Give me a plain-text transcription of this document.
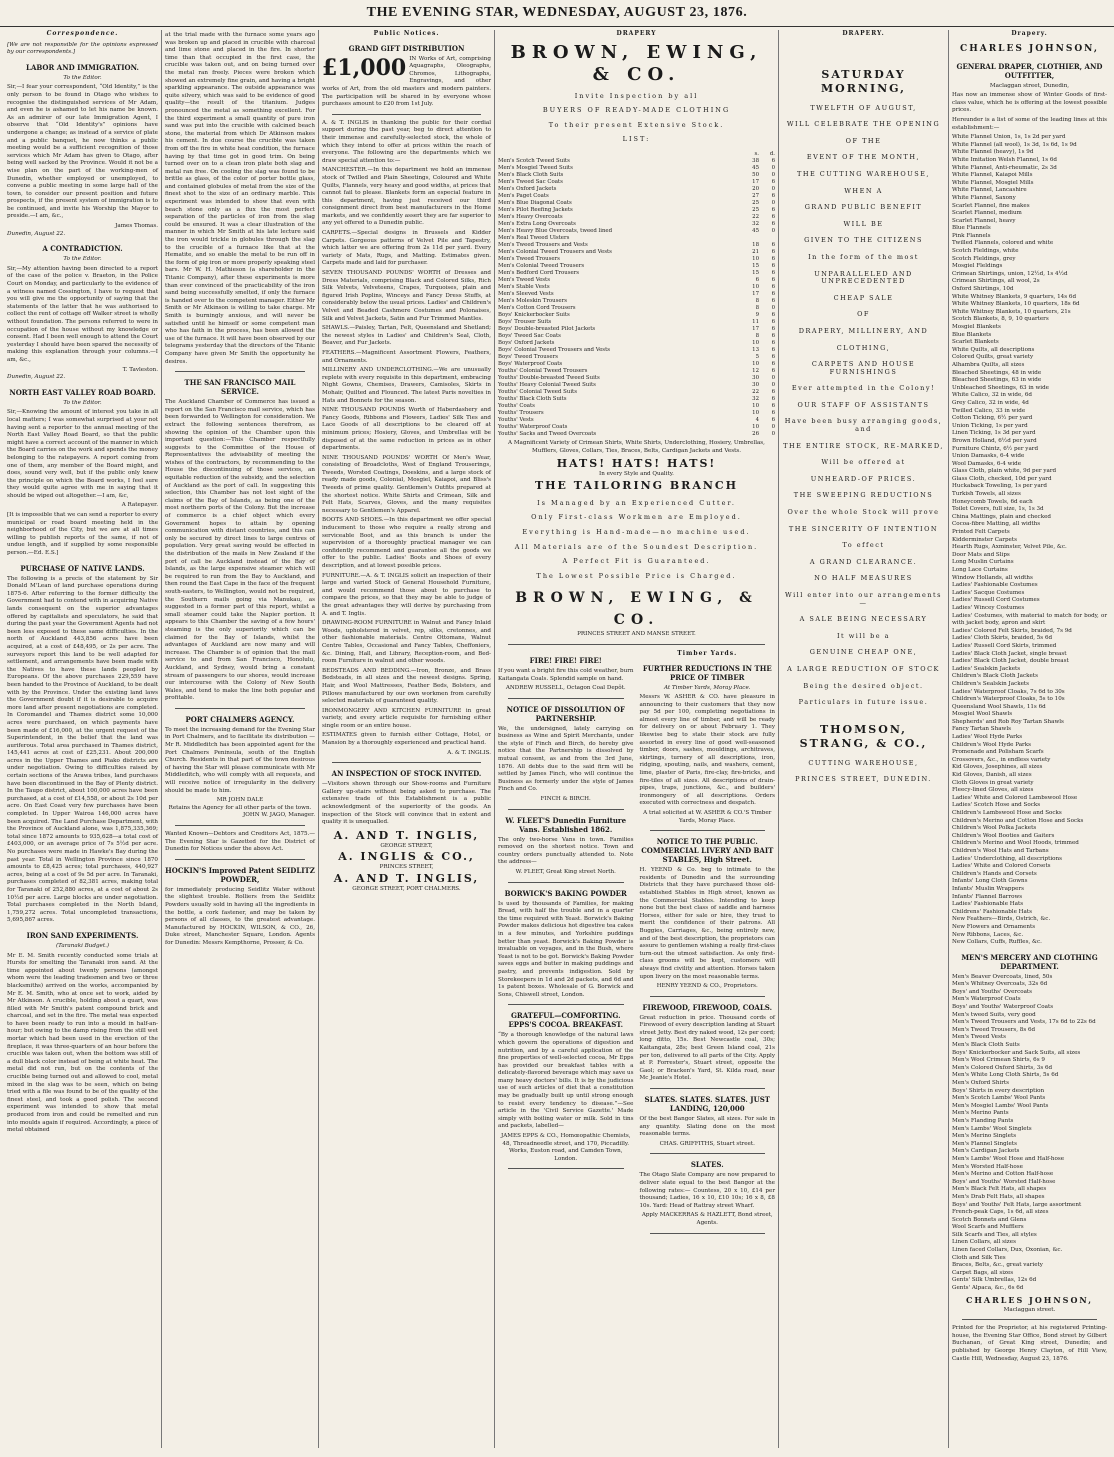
THE EVENING STAR, WEDNESDAY, AUGUST 23, 1876.
Correspondence.

[We are not responsible for the opinions expressed by our correspondents.]

LABOR AND IMMIGRATION.
To the Editor.

Sir,—I fear your correspondent, “Old Identity,” is the only person to be found in Otago who wishes to recognise the distinguished services of Mr Adam, and even he is ashamed to let his name be known. As an admirer of our late Immigration Agent, I observe that “Old Identity's” opinions have undergone a change; as instead of a service of plate and a public banquet, he now thinks a public meeting would be a sufficient recognition of those services which Mr Adam has given to Otago, after being well sacked by the Province. Would it not be a wise plan on the part of the working-men of Dunedin, whether employed or unemployed, to convene a public meeting in some large hall of the town, to consider our present position and future prospects, if the present system of immigration is to be continued, and invite his Worship the Mayor to preside.—I am, &c.,

James Thomas.
Dunedin, August 22.
A CONTRADICTION.
To the Editor.

Sir,—My attention having been directed to a report of the case of the police v. Braeton, in the Police Court on Monday, and particularly to the evidence of a witness named Cossington, I have to request that you will give me the opportunity of saying that the statements of the latter that he was authorised to collect the rent of cottage off Walker street is wholly without foundation. The persons referred to were in occupation of the house without my knowledge or consent. Had I been well enough to attend the Court yesterday I should have been spared the necessity of making this explanation through your columns.—I am, &c.,

T. Tavleston.
Dunedin, August 22.
NORTH EAST VALLEY ROAD BOARD.
To the Editor.

Sir,—Knowing the amount of interest you take in all local matters; I was somewhat surprised at your not having sent a reporter to the annual meeting of the North East Valley Road Board, so that the public might have a correct account of the manner in which the Board carries on the work and spends the money belonging to the ratepayers. A report coming from one of them, any member of the Board might, and does, sound very well, but if the public only knew the principle on which the Board works, I feel sure they would quite agree with me in saying that it should be wiped out altogether.—I am, &c,

A Ratepayer.

[It is impossible that we can send a reporter to every municipal or road board meeting held in the neighborhood of the City, but we are at all times willing to publish reports of the same, if not of undue length, and if supplied by some responsible person.—Ed. E.S.]

PURCHASE OF NATIVE LANDS.

The following is a precis of the statement by Sir Donald M'Lean of land purchase operations during 1875-6. After referring to the former difficulty the Government had to contend with in acquiring Native lands consequent on the superior advantages offered by capitalists and speculators, he said that during the past year the Government Agents had not been less exposed to these same difficulties. In the north of Auckland 443,856 acres have been acquired, at a cost of £48,495, or 2s per acre. The surveyors report this land to be well adapted for settlement, and arrangements have been made with the Natives to have these lands peopled by Europeans. Of the above purchases 229,559 have been handed to the Province of Auckland, to be dealt with by the Province. Under the existing land laws the Government doubt if it is desirable to acquire more land after present negotiations are completed. In Coromandel and Thames district some 10,000 acres were purchased, on which payments have been made of £16,000, at the urgent request of the Superintendent, in the belief that the land was auriferous. Total area purchased in Thames district, 145,441 acres at cost of £25,231. About 200,000 acres in the Upper Thames and Piako districts are under negotiation. Owing to difficulties raised by certain sections of the Arawa tribes, land purchases have been discontinued in the Bay of Plenty district. In the Taupo district, about 100,000 acres have been purchased, at a cost of £14,558, or about 2s 10d per acre. On East Coast very few purchases have been completed. In Upper Wairoa 146,000 acres have been acquired. The Land Purchase Department, with the Province of Auckland alone, was 1,875,335,369; total since 1872 amounts to 935,628—a total cost of £403,000, or an average price of 7s 5½d per acre. No purchases were made in Hawke's Bay during the past year. Total in Wellington Province since 1870 amounts to £8,425 acres; total purchases, 440,927 acres, being at a cost of 9s 5d per acre. In Taranaki, purchases completed of 82,381 acres, making total for Taranaki of 252,880 acres, at a cost of about 2s 10½d per acre. Large blocks are under negotiation. Total purchases completed in the North Island, 1,759,272 acres. Total uncompleted transactions, 5,695,867 acres.

IRON SAND EXPERIMENTS.
(Taranaki Budget.)

Mr E. M. Smith recently conducted some trials at Hursts for smelting the Taranaki iron sand. At the time appointed about twenty persons (amongst whom were the leading tradesmen and two or three blacksmiths) arrived on the works, accompanied by Mr E. M. Smith, who at once set to work, aided by Mr Atkinson. A crucible, holding about a quart, was filled with Mr Smith's patent compound brick and charcoal, and set in the fire. The metal was expected to have been ready to run into a mould in half-an-hour; but owing to the damp rising from the still wet mortar which had been used in the erection of the fireplace, it was three-quarters of an hour before the crucible was taken out, when the bottom was still of a dull black color instead of being at white heat. The metal did not run, but on the contents of the crucible being turned out and allowed to cool, metal mixed in the slag was to be seen, which on being tried with a file was found to be of the quality of the finest steel, and took a good polish. The second experiment was intended to show that metal produced from iron and could be remelted and run into moulds again if required. Accordingly, a piece of metal obtained

at the trial made with the furnace some years ago was broken up and placed in crucible with charcoal and lime stone and placed in the fire. In shorter time than that occupied in the first case, the crucible was taken out, and on being turned over the metal ran freely. Pieces were broken which showed an extremely fine grain, and having a bright sparkling appearance. The outside appearance was quite silvery, which was said to be evidence of good quality—the result of the titanium. Judges pronounced the metal as something excellent. For the third experiment a small quantity of pure iron sand was put into the crucible with calcined beach stone, the material from which Dr Atkinson makes his cement. In due course the crucible was taken from off the fire in white heat condition, the furnace having by that time got in good trim. On being turned over on to a clean iron plate both slag and metal ran free. On cooling the slag was found to be brittle as glass, of the color of porter bottle glass, and contained globules of metal from the size of the finest shot to the size of an ordinary marble. This experiment was intended to show that even with beach stone only as a flux the most perfect separation of the particles of iron from the slag could be ensured. It was a clear illustration of the manner in which Mr Smith at his late lecture said the iron would trickle in globules through the slag to the crucible of a furnace like that at the Hematite, and so enable the metal to be run off in the form of pig iron or more properly speaking steel bars. Mr W. H. Mathieson (a shareholder in the Titanic Company), after these experiments is more than ever convinced of the practicability of the iron sand being successfully smelted, if only the furnace is handed over to the competent manager. Either Mr Smith or Mr Atkinson is willing to take charge. Mr Smith is burningly anxious, and will never be satisfied until he himself or some competent man who has faith in the process, has been allowed the use of the furnace. It will have been observed by our telegrams yesterday that the directors of the Titanic Company have given Mr Smith the opportunity he desires.

THE SAN FRANCISCO MAIL SERVICE.

The Auckland Chamber of Commerce has issued a report on the San Francisco mail service, which has been forwarded to Wellington for consideration. We extract the following sentences therefrom, as showing the opinion of the Chamber upon this important question:—This Chamber respectfully suggests to the Committee of the House of Representatives the advisability of meeting the wishes of the contractors, by recommending to the House the discontinuing of those services, an equitable reduction of the subsidy, and the selection of Auckland as the port of call. In suggesting this selection, this Chamber has not lost sight of the claims of the Bay of Islands, as being one of the most northern ports of the Colony. But the increase of commerce is a chief object which every Government hopes to attain by opening communication with distant countries, and this can only be secured by direct lines to large centres of population. Very great saving would be effected in the distribution of the mails in New Zealand if the port of call be Auckland instead of the Bay of Islands, as the large expensive steamer which will be required to run from the Bay to Auckland, and then round the East Cape in the face of the frequent south-easters, to Wellington, would not be required, the Southern mails going via Manukau, as suggested in a former part of this report, whilst a small steamer could take the Napier portion. It appears to this Chamber the saving of a few hours' steaming is the only superiority which can be claimed for the Bay of Islands, whilst the advantages of Auckland are now many and will increase. The Chamber is of opinion that the mail service to and from San Francisco, Honolulu, Auckland, and Sydney, would bring a constant stream of passengers to our shores, would increase our intercourse with the Colony of New South Wales, and tend to make the line both popular and profitable.

PORT CHALMERS AGENCY.

To meet the increasing demand for the Evening Star in Port Chalmers, and to facilitate its distribution — Mr R. Middleditch has been appointed agent for the Port Chalmers Peninsula, south of the English Church. Residents in that part of the town desirous of having the Star will please communicate with Mr Middleditch, who will comply with all requests, and will receive notice of irregularity in the delivery should be made to him.

MR JOHN DALE
Retains the Agency for all other parts of the town.
JOHN W. JAGO, Manager.

Wanted Known—Debtors and Creditors Act, 1875.—The Evening Star is Gazetted for the District of Dunedin for Notices under the above Act.

HOCKIN'S Improved Patent SEIDLITZ POWDER,

for immediately producing Seidlitz Water without the slightest trouble. Rolliers from the Seidlitz Powders usually sold in having all the ingredients in the bottle, a cork fastener, and may be taken by persons of all classes, to the greatest advantage. Manufactured by HOCKIN, WILSON, & CO., 26, Duke street, Manchester Square, London. Agents for Dunedin: Messrs Kempthorne, Prosser, & Co.

Public Notices.
GRAND GIFT DISTRIBUTION
£1,000 IN Works of Art, comprising Aquagraphs, Oleographs, Chromos, Lithographs, Engravings, and other works of Art, from the old masters and modern painters. The participation will be shared in by everyone whose purchases amount to £20 from 1st July.

A. & T. INGLIS in thanking the public for their cordial support during the past year, beg to direct attention to their immense and carefully-selected stock, the whole of which they intend to offer at prices within the reach of everyone. The following are the departments which we draw special attention to:—

MANCHESTER.—In this department we hold an immense stock of Twilled and Plain Sheetings, Coloured and White Quilts, Flannels, very heavy and good widths, at prices that cannot fail to please. Blankets form an especial feature in this department, having just received our third consignment direct from best manufacturers in the Home markets, and we confidently assert they are far superior to any yet offered to a Dunedin public.

CARPETS.—Special designs in Brussels and Kidder Carpets. Gorgeous patterns of Velvet Pile and Tapestry, which latter we are offering from 2s 11d per yard. Every variety of Mats, Rugs, and Matting. Estimates given. Carpets made and laid for purchaser.

SEVEN THOUSAND POUNDS' WORTH of Dresses and Dress Materials, comprising Black and Colored Silks, Rich Silk Velvets, Velveteens, Crapes, Turquoises, plain and figured Irish Poplins, Winceys and Fancy Dress Stuffs, at considerably below the usual prices. Ladies' and Children's Velvet and Beaded Cashmere Costumes and Polonaises, Silk and Velvet Jackets, Satin and Fur Trimmed Mantles.

SHAWLS.—Paisley, Tartan, Felt, Queensland and Shetland; the newest styles in Ladies' and Children's Seal, Cloth, Beaver, and Fur Jackets.

FEATHERS.—Magnificent Assortment Flowers, Feathers, and Ornaments.

MILLINERY AND UNDERCLOTHING.—We are unusually replete with every requisite in this department, embracing Night Gowns, Chemises, Drawers, Camisoles, Skirts in Mohair, Quilted and Flounced. The latest Paris novelties in Hats and Bonnets for the season.

NINE THOUSAND POUNDS Worth of Haberdashery and Fancy Goods, Ribbons and Flowers, Ladies' Silk Ties and Lace Goods of all descriptions to be cleared off at minimum prices; Hosiery, Gloves, and Umbrellas will be disposed of at the same reduction in prices as in other departments.

NINE THOUSAND POUNDS' WORTH Of Men's Wear, consisting of Broadcloths, West of England Trouserings, Tweeds, Worsted Coatings, Doeskins, and a large stock of ready made goods, Colonial, Mosgiel, Kaiapoi, and Bliss's Tweeds of prime quality. Gentlemen's Outfits prepared at the shortest notice. White Shirts and Crimean, Silk and Felt Hats, Scarves, Gloves, and the many requisites necessary to Gentlemen's Apparel.

BOOTS AND SHOES.—In this department we offer special inducement to those who require a really strong and serviceable Boot, and as this branch is under the supervision of a thoroughly practical manager we can confidently recommend and guarantee all the goods we offer to the public. Ladies' Boots and Shoes of every description, and at lowest possible prices.

FURNITURE.—A. & T. INGLIS solicit an inspection of their large and varied Stock of General Household Furniture, and would recommend those about to purchase to compare the prices, so that they may be able to judge of the great advantages they will derive by purchasing from A. and T. Inglis.

DRAWING-ROOM FURNITURE in Walnut and Fancy Inlaid Woods, upholstered in velvet, rep, silks, cretonnes, and other fashionable materials. Centre Ottomans, Walnut Centre Tables, Occasional and Fancy Tables, Cheffoniers, &c. Dining, Hall, and Library, Reception-room, and Bed-room Furniture in walnut and other woods.

BEDSTEADS AND BEDDING.—Iron, Bronze, and Brass Bedsteads, in all sizes and the newest designs. Spring, Hair, and Wool Mattresses, Feather Beds, Bolsters, and Pillows manufactured by our own workmen from carefully selected materials of guaranteed quality.

IRONMONGERY AND KITCHEN FURNITURE in great variety, and every article requisite for furnishing either single room or an entire house.

ESTIMATES given to furnish either Cottage, Hotel, or Mansion by a thoroughly experienced and practical hand.

A. & T. INGLIS.
AN INSPECTION OF STOCK INVITED.

—Visitors shown through our Show-rooms and Furniture Gallery up-stairs without being asked to purchase. The extensive trade of this Establishment is a public acknowledgment of the superiority of the goods. An inspection of the Stock will convince that in extent and quality it is unequalled.

A. AND T. INGLIS,
GEORGE STREET,
A. INGLIS & CO.,
PRINCES STREET,
A. AND T. INGLIS,
GEORGE STREET, PORT CHALMERS.
DRAPERY
BROWN, EWING, & CO.
Invite Inspection by all
BUYERS OF READY-MADE CLOTHING
To their present Extensive Stock.
LIST:
	s.	d.
Men's Scotch Tweed Suits	38	6
Men's Mosgiel Tweed Suits	45	0
Men's Black Cloth Suits	50	0
Men's Tweed Sac Coats	17	6
Men's Oxford Jackets	20	0
Men's Paget Coats	27	6
Men's Blue Diagonal Coats	25	0
Men's Pilot Reefing Jackets	25	6
Men's Heavy Overcoats	22	6
Men's Extra Long Overcoats	32	6
Men's Heavy Blue Overcoats, tweed lined	45	0
Men's Real Tweed Ulsters		
Men's Tweed Trousers and Vests	18	6
Men's Colonial Tweed Trousers and Vests	21	6
Men's Tweed Trousers	10	6
Men's Colonial Tweed Trousers	15	6
Men's Bedford Cord Trousers	15	6
Men's Tweed Vests	6	6
Men's Stable Vests	10	6
Men's Sleeved Vests	17	6
Men's Moleskin Trousers	8	6
Men's Cotton Cord Trousers	8	0
Boys' Knickerbocker Suits	9	6
Boys' Trouser Suits	11	6
Boys' Double-breasted Pilot Jackets	17	6
Boys' Tweed Sac Coats	8	6
Boys' Oxford Jackets	10	6
Boys' Colonial Tweed Trousers and Vests	13	6
Boys' Tweed Trousers	5	6
Boys' Waterproof Coats	10	6
Youths' Colonial Tweed Trousers	12	6
Youths' Double-breasted Tweed Suits	30	0
Youths' Heavy Colonial Tweed Suits	30	0
Youths' Colonial Tweed Suits	22	6
Youths' Black Cloth Suits	32	6
Youths' Coats	10	6
Youths' Trousers	10	6
Youths' Vests	4	6
Youths' Waterproof Coats	10	0
Youths' Sacks and Tweed Overcoats	26	0

A Magnificent Variety of Crimean Shirts, White Shirts, Underclothing, Hosiery, Umbrellas, Mufflers, Gloves, Collars, Ties, Braces, Belts, Cardigan Jackets and Vests.

HATS! HATS! HATS!
In every Style and Quality.
THE TAILORING BRANCH
Is Managed by an Experienced Cutter.
Only First-class Workmen are Employed.
Everything is Hand-made—no machine used.
All Materials are of the Soundest Description.
A Perfect Fit is Guaranteed.
The Lowest Possible Price is Charged.
BROWN, EWING, & CO.
PRINCES STREET AND MANSE STREET.
FIRE! FIRE! FIRE!

If you want a bright fire this cold weather, burn Kaitangata Coals. Splendid sample on hand.

ANDREW RUSSELL, Octagon Coal Depôt.
NOTICE OF DISSOLUTION OF PARTNERSHIP.

We, the undersigned, lately carrying on business as Wine and Spirit Merchants, under the style of Finch and Birch, do hereby give notice that the Partnership is dissolved by mutual consent, as and from the 3rd June, 1876. All debts due to the said firm will be settled by James Finch, who will continue the Business as formerly under the style of James Finch and Co.

FINCH & BIRCH.
W. FLEET'S Dunedin Furniture Vans. Established 1862.

The only two-horse Vans in town. Families removed on the shortest notice. Town and country orders punctually attended to. Note the address—

W. FLEET, Great King street North.
BORWICK'S BAKING POWDER

Is used by thousands of Families, for making Bread, with half the trouble and in a quarter the time required with Yeast. Borwick's Baking Powder makes delicious hot digestive tea cakes in a few minutes, and Yorkshire puddings better than yeast. Borwick's Baking Powder is invaluable on voyages, and in the Bush, where Yeast is not to be got. Borwick's Baking Powder saves eggs and butter in making puddings and pastry, and prevents indigestion. Sold by Storekeepers in 1d and 2d packets, and 6d and 1s patent boxes. Wholesale of G. Borwick and Sons, Chiswell street, London.

GRATEFUL—COMFORTING. EPPS'S COCOA. BREAKFAST.

“By a thorough knowledge of the natural laws which govern the operations of digestion and nutrition, and by a careful application of the fine properties of well-selected cocoa, Mr Epps has provided our breakfast tables with a delicately-flavored beverage which may save us many heavy doctors' bills. It is by the judicious use of such articles of diet that a constitution may be gradually built up until strong enough to resist every tendency to disease.”—See article in the 'Civil Service Gazette.' Made simply with boiling water or milk. Sold in tins and packets, labelled—

JAMES EPPS & CO., Homœopathic Chemists, 48, Threadneedle street, and 170, Piccadilly. Works, Euston road, and Camden Town, London.
Timber Yards.
FURTHER REDUCTIONS IN THE PRICE OF TIMBER
At Timber Yards, Moray Place.

Messrs W. ASHER & CO. have pleasure in announcing to their customers that they now pay 5d per 100, completing negotiations in almost every line of timber, and will be ready for delivery on or about February 1. They likewise beg to state their stock are fully assorted in every line of good well-seasoned timber, doors, sashes, mouldings, architraves, skirtings, turnery of all descriptions, iron, ridging, spouting, nails, and washers, cement, lime, plaster of Paris, fire-clay, fire-bricks, and fire-tiles of all sizes. All descriptions of drain-pipes, traps, junctions, &c., and builders' ironmongery of all descriptions. Orders executed with correctness and despatch.

A trial solicited at W. ASHER & CO.'S Timber Yards, Moray Place.
NOTICE TO THE PUBLIC. COMMERCIAL LIVERY AND BAIT STABLES, High Street.

H. YEEND & Co. beg to intimate to the residents of Dunedin and the surrounding Districts that they have purchased those old-established Stables in High street, known as the Commercial Stables. Intending to keep none but the best class of saddle and harness Horses, either for sale or hire, they trust to merit the confidence of their patrons. All Buggies, Carriages, &c., being entirely new, and of the best description, the proprietors can assure to gentlemen wishing a really first-class turn-out the utmost satisfaction. As only first-class grooms will be kept, customers will always find civility and attention. Horses taken upon livery on the most reasonable terms.

HENRY YEEND & CO., Proprietors.
FIREWOOD, FIREWOOD, COALS.

Great reduction in price. Thousand cords of Firewood of every description landing at Stuart street Jetty. Best dry naked wood, 12s per cord; long ditto, 15s. Best Newcastle coal, 30s; Kaitangata, 28s; best Green Island coal, 21s per ton, delivered to all parts of the City. Apply at P. Forrester's, Stuart street, opposite the Gaol; or Bracken's Yard, St. Kilda road, near Mc Jeanie's Hotel.

SLATES. SLATES. SLATES. JUST LANDING, 120,000

Of the best Bangor Slates, all sizes. For sale in any quantity. Slating done on the most reasonable terms.

CHAS. GRIFFITHS, Stuart street.
SLATES.

The Otago Slate Company are now prepared to deliver slate equal to the best Bangor at the following rates:— Countess, 20 x 10, £14 per thousand; Ladies, 16 x 10, £10 10s; 16 x 8, £8 10s. Yard: Head of Rattray street Wharf.

Apply MACKERRAS & HAZLETT, Bond street, Agents.
DRAPERY.
SATURDAY MORNING,
TWELFTH OF AUGUST,
WILL CELEBRATE THE OPENING
OF THE
EVENT OF THE MONTH,
THE CUTTING WAREHOUSE,
WHEN A
GRAND PUBLIC BENEFIT
WILL BE
GIVEN TO THE CITIZENS
In the form of the most
UNPARALLELED AND UNPRECEDENTED
CHEAP SALE
OF
DRAPERY, MILLINERY, AND
CLOTHING,
CARPETS AND HOUSE FURNISHINGS
Ever attempted in the Colony!
OUR STAFF OF ASSISTANTS
Have been busy arranging goods, and
THE ENTIRE STOCK, RE-MARKED,
Will be offered at
UNHEARD-OF PRICES.
THE SWEEPING REDUCTIONS
Over the whole Stock will prove
THE SINCERITY OF INTENTION
To effect
A GRAND CLEARANCE.
NO HALF MEASURES
Will enter into our arrangements—
A SALE BEING NECESSARY
It will be a
GENUINE CHEAP ONE,
A LARGE REDUCTION OF STOCK
Being the desired object.
Particulars in future issue.
THOMSON, STRANG, & CO.,
CUTTING WAREHOUSE,
PRINCES STREET, DUNEDIN.
Drapery.
CHARLES JOHNSON,
GENERAL DRAPER, CLOTHIER, AND OUTFITTER,
Maclaggan street, Dunedin,

Has now an immense show of Winter Goods of first-class value, which he is offering at the lowest possible prices.

Hereunder is a list of some of the leading lines at this establishment:—

White Flannel Union, 1s, 1s 2d per yard
White Flannel (all wool), 1s 3d, 1s 6d, 1s 9d
White Flannel (heavy), 1s 9d
White Imitation Welsh Flannel, 1s 6d
White Flannel, Anti-rheumatic, 2s 3d
White Flannel, Kaiapoi Mills
White Flannel, Mosgiel Mills
White Flannel, Lancashire
White Flannel, Saxony
Scarlet Flannel, fine makes
Scarlet Flannel, medium
Scarlet Flannel, heavy
Blue Flannels
Pink Flannels
Twilled Flannels, colored and white
Scotch Fleldings, white
Scotch Fleldings, grey
Mosgiel Fleldings
Crimean Shirtings, union, 12½d, 1s 4½d
Crimean Shirtings, all wool, 2s
Oxford Shirtings, 10d
White Whitney Blankets, 9 quarters, 14s 6d
White Whitney Blankets, 10 quarters, 18s 6d
White Whitney Blankets, 10 quarters, 21s
Scotch Blankets, 8, 9, 10 quarters
Mosgiel Blankets
Blue Blankets
Scarlet Blankets
White Quilts, all descriptions
Colored Quilts, great variety
Alhambra Quilts, all sizes
Bleached Sheetings, 48 in wide
Bleached Sheetings, 63 in wide
Unbleached Sheetings, 63 in wide
White Calico, 32 in wide, 6d
Grey Calico, 32 in wide, 4d
Twilled Calico, 33 in wide
Cotton Ticking, 6½ per yard
Union Ticking, 1s per yard
Linen Ticking, 1s 3d per yard
Brown Holland, 6½d per yard
Furniture Chintz, 6½ per yard
Union Damasks, 6-4 wide
Wool Damasks, 6-4 wide
Glass Cloth, plain white, 9d per yard
Glass Cloth, checked, 10d per yard
Huckaback Toweling, 1s per yard
Turkish Towels, all sizes
Honeycomb Towels, 6d each
Toilet Covers, full size, 1s, 1s 3d
China Mattings, plain and checked
Cocoa-fibre Matting, all widths
Printed Felt Carpets
Kidderminster Carpets
Hearth Rugs, Axminster, Velvet Pile, &c.
Door Mats and Slips
Long Muslin Curtains
Long Lace Curtains
Window Hollands, all widths
Ladies' Fashionable Costumes
Ladies' Sacque Costumes
Ladies' Russell Cord Costumes
Ladies' Wincey Costumes
Ladies' Costumes, with material to match for body, or with jacket body, apron and skirt
Ladies' Colored Felt Skirts, braided, 7s 9d
Ladies' Cloth Skirts, braided, 5s 6d
Ladies' Russell Cord Skirts, trimmed
Ladies' Black Cloth Jacket, single breast
Ladies' Black Cloth Jacket, double breast
Ladies' Sealskin Jackets
Children's Black Cloth Jackets
Children's Sealskin Jackets
Ladies' Waterproof Cloaks, 7s 6d to 30s
Children's Waterproof Cloaks, 5s to 10s
Queensland Wool Shawls, 11s 6d
Mosgiel Wool Shawls
Shepherds' and Rob Roy Tartan Shawls
Fancy Tartan Shawls
Ladies' Wool Hyde Parks
Children's Wool Hyde Parks
Promenade and Polisham Scarfs
Crossovers, &c., in endless variety
Kid Gloves, Josephines, all sizes
Kid Gloves, Danish, all sizes
Cloth Gloves in great variety
Fleecy-lined Gloves, all sizes
Ladies' White and Colored Lambswool Hose
Ladies' Scotch Hose and Socks
Children's Lambswool Hose and Socks
Children's Merino and Cotton Hose and Socks
Children's Wool Polka Jackets
Children's Wool Booties and Gaiters
Children's Merino and Wool Hoods, trimmed
Children's Wool Hats and Tarbans
Ladies' Underclothing, all descriptions
Ladies' White and Colored Corsets
Children's Hands and Corsets
Infants' Long Cloth Gowns
Infants' Muslin Wrappers
Infants' Flannel Barrows
Ladies' Fashionable Hats
Childrens' Fashionable Hats
New Feathers—Birds, Ostrich, &c.
New Flowers and Ornaments
New Ribbons, Laces, &c.
New Collars, Cuffs, Ruffles, &c.
MEN'S MERCERY AND CLOTHING DEPARTMENT.
Men's Beaver Overcoats, lined, 50s
Men's Whitney Overcoats, 32s 6d
Boys' and Youths' Overcoats
Men's Waterproof Coats
Boys' and Youths' Waterproof Coats
Men's tweed Suits, very good
Men's Tweed Trousers and Vests, 17s 6d to 22s 6d
Men's Tweed Trousers, 8s 6d
Men's Tweed Vests
Men's Black Cloth Suits
Boys' Knickerbocker and Sack Suits, all sizes
Men's Wool Crimean Shirts, 6s 9
Men's Colored Oxford Shirts, 3s 6d
Men's White Long Cloth Shirts, 5s 6d
Men's Oxford Shirts
Boys' Shirts in every description
Men's Scotch Lambs' Wool Pants
Men's Mosgiel Lambs' Wool Pants
Men's Merino Pants
Men's Flanding Pants
Men's Lambs' Wool Singlets
Men's Merino Singlets
Men's Flannel Singlets
Men's Cardigan Jackets
Men's Lambs' Wool Hose and Half-hose
Men's Worsted Half-hose
Men's Merino and Cotton Half-hose
Boys' and Youths' Worsted Half-hose
Men's Black Felt Hats, all shapes
Men's Drab Felt Hats, all shapes
Boys' and Youths' Felt Hats, large assortment
French-peak Caps, 1s 6d, all sizes
Scotch Bonnets and Glens
Wool Scarfs and Mufflers
Silk Scarfs and Ties, all styles
Linen Collars, all sizes
Linen faced Collars, Dux, Oxonian, &c.
Cloth and Silk Ties
Braces, Belts, &c., great variety
Carpet Bags, all sizes
Gents' Silk Umbrellas, 12s 6d
Gents' Alpaca, &c., 6s 6d
CHARLES JOHNSON,
Maclaggan street.

Printed for the Proprietor, at his registered Printing-house, the Evening Star Office, Bond street by Gilbert Buchanan, of Great King street, Dunedin; and published by George Henry Clayton, of Hill View, Castle Hill, Wednesday, August 23, 1876.
